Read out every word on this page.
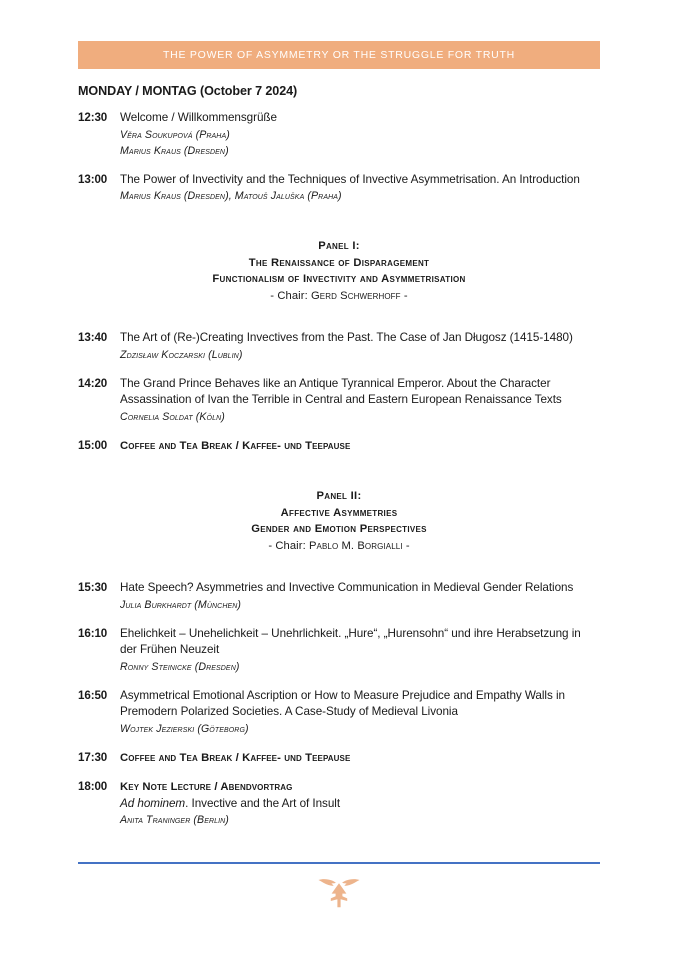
THE POWER OF ASYMMETRY OR THE STRUGGLE FOR TRUTH
MONDAY / MONTAG (October 7 2024)
12:30	Welcome / Willkommensgrüße
Věra Soukupová (Praha)
Marius Kraus (Dresden)
13:00	The Power of Invectivity and the Techniques of Invective Asymmetrisation. An Introduction
Marius Kraus (Dresden), Matouš Jaluška (Praha)
Panel I:
The Renaissance of Disparagement
Functionalism of Invectivity and Asymmetrisation
- Chair: Gerd Schwerhoff -
13:40	The Art of (Re-)Creating Invectives from the Past. The Case of Jan Długosz (1415-1480)
Zdzisław Koczarski (Lublin)
14:20	The Grand Prince Behaves like an Antique Tyrannical Emperor. About the Character Assassination of Ivan the Terrible in Central and Eastern European Renaissance Texts
Cornelia Soldat (Köln)
15:00	Coffee and Tea Break / Kaffee- und Teepause
Panel II:
Affective Asymmetries
Gender and Emotion Perspectives
- Chair: Pablo M. Borgialli -
15:30	Hate Speech? Asymmetries and Invective Communication in Medieval Gender Relations
Julia Burkhardt (München)
16:10	Ehelichkeit – Unehelichkeit – Unehrlichkeit. „Hure“, „Hurensohn“ und ihre Herabsetzung in der Frühen Neuzeit
Ronny Steinicke (Dresden)
16:50	Asymmetrical Emotional Ascription or How to Measure Prejudice and Empathy Walls in Premodern Polarized Societies. A Case-Study of Medieval Livonia
Wojtek Jezierski (Göteborg)
17:30	Coffee and Tea Break / Kaffee- und Teepause
18:00	Key Note Lecture / Abendvortrag
Ad hominem. Invective and the Art of Insult
Anita Traninger (Berlin)
